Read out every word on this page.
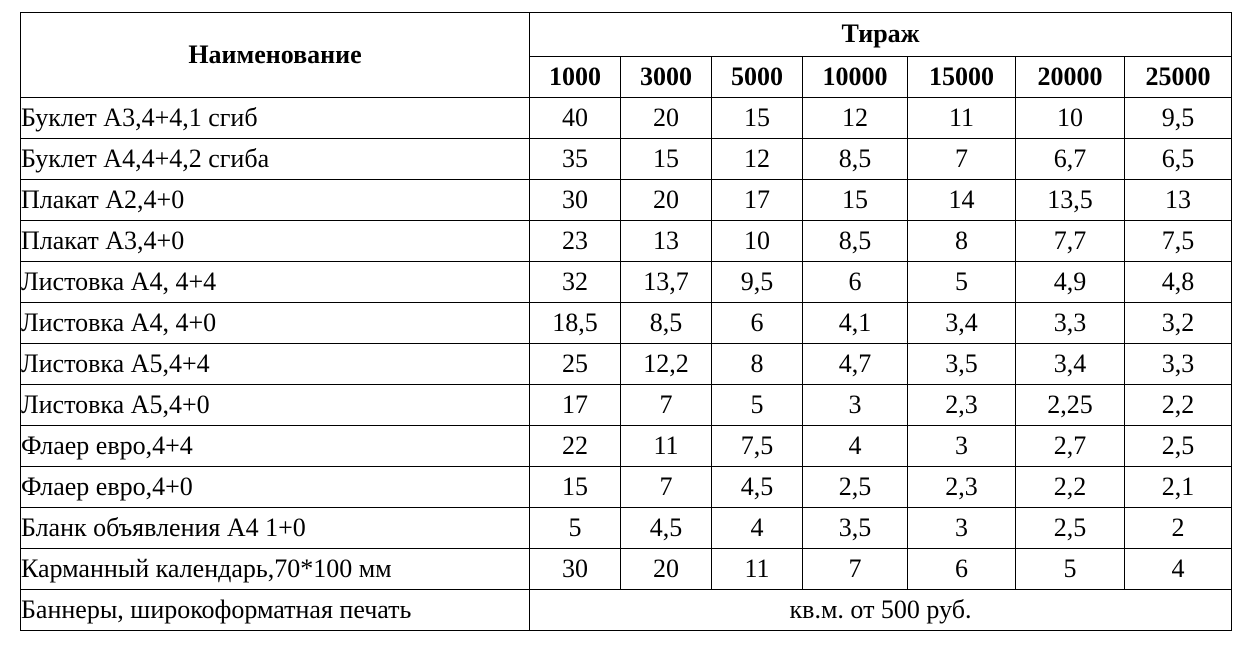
Наименование	Тираж						
	1000	3000	5000	10000	15000	20000	25000
Буклет А3,4+4,1 сгиб	40	20	15	12	11	10	9,5
Буклет А4,4+4,2 сгиба	35	15	12	8,5	7	6,7	6,5
Плакат А2,4+0	30	20	17	15	14	13,5	13
Плакат А3,4+0	23	13	10	8,5	8	7,7	7,5
Листовка А4, 4+4	32	13,7	9,5	6	5	4,9	4,8
Листовка А4, 4+0	18,5	8,5	6	4,1	3,4	3,3	3,2
Листовка А5,4+4	25	12,2	8	4,7	3,5	3,4	3,3
Листовка А5,4+0	17	7	5	3	2,3	2,25	2,2
Флаер евро,4+4	22	11	7,5	4	3	2,7	2,5
Флаер евро,4+0	15	7	4,5	2,5	2,3	2,2	2,1
Бланк объявления А4 1+0	5	4,5	4	3,5	3	2,5	2
Карманный календарь,70*100 мм	30	20	11	7	6	5	4
Баннеры, широкоформатная печать	кв.м. от 500 руб.						
